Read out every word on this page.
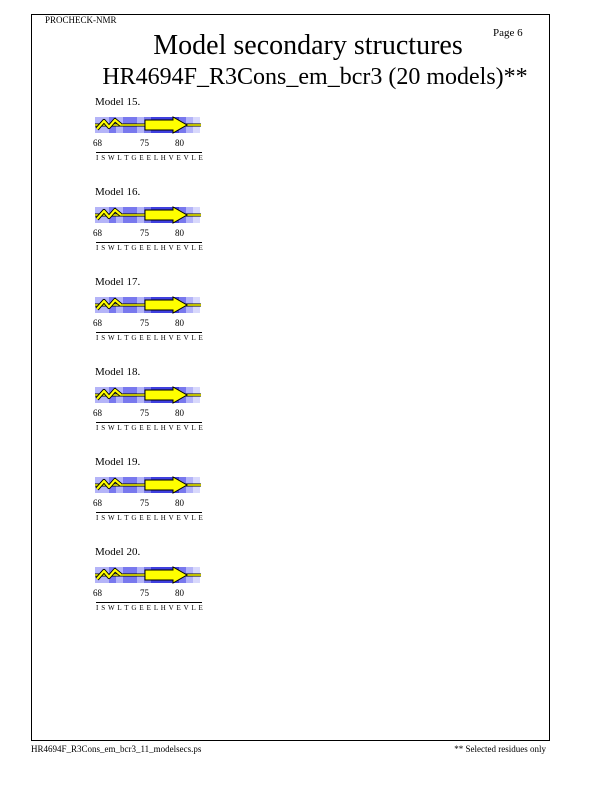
PROCHECK-NMR
Page 6
Model secondary structures
HR4694F_R3Cons_em_bcr3 (20 models)**
Model 15.
68	75	80
I S W L T G E E L H V E V L E
Model 16.
68	75	80
I S W L T G E E L H V E V L E
Model 17.
68	75	80
I S W L T G E E L H V E V L E
Model 18.
68	75	80
I S W L T G E E L H V E V L E
Model 19.
68	75	80
I S W L T G E E L H V E V L E
Model 20.
68	75	80
I S W L T G E E L H V E V L E
HR4694F_R3Cons_em_bcr3_11_modelsecs.ps	** Selected residues only
